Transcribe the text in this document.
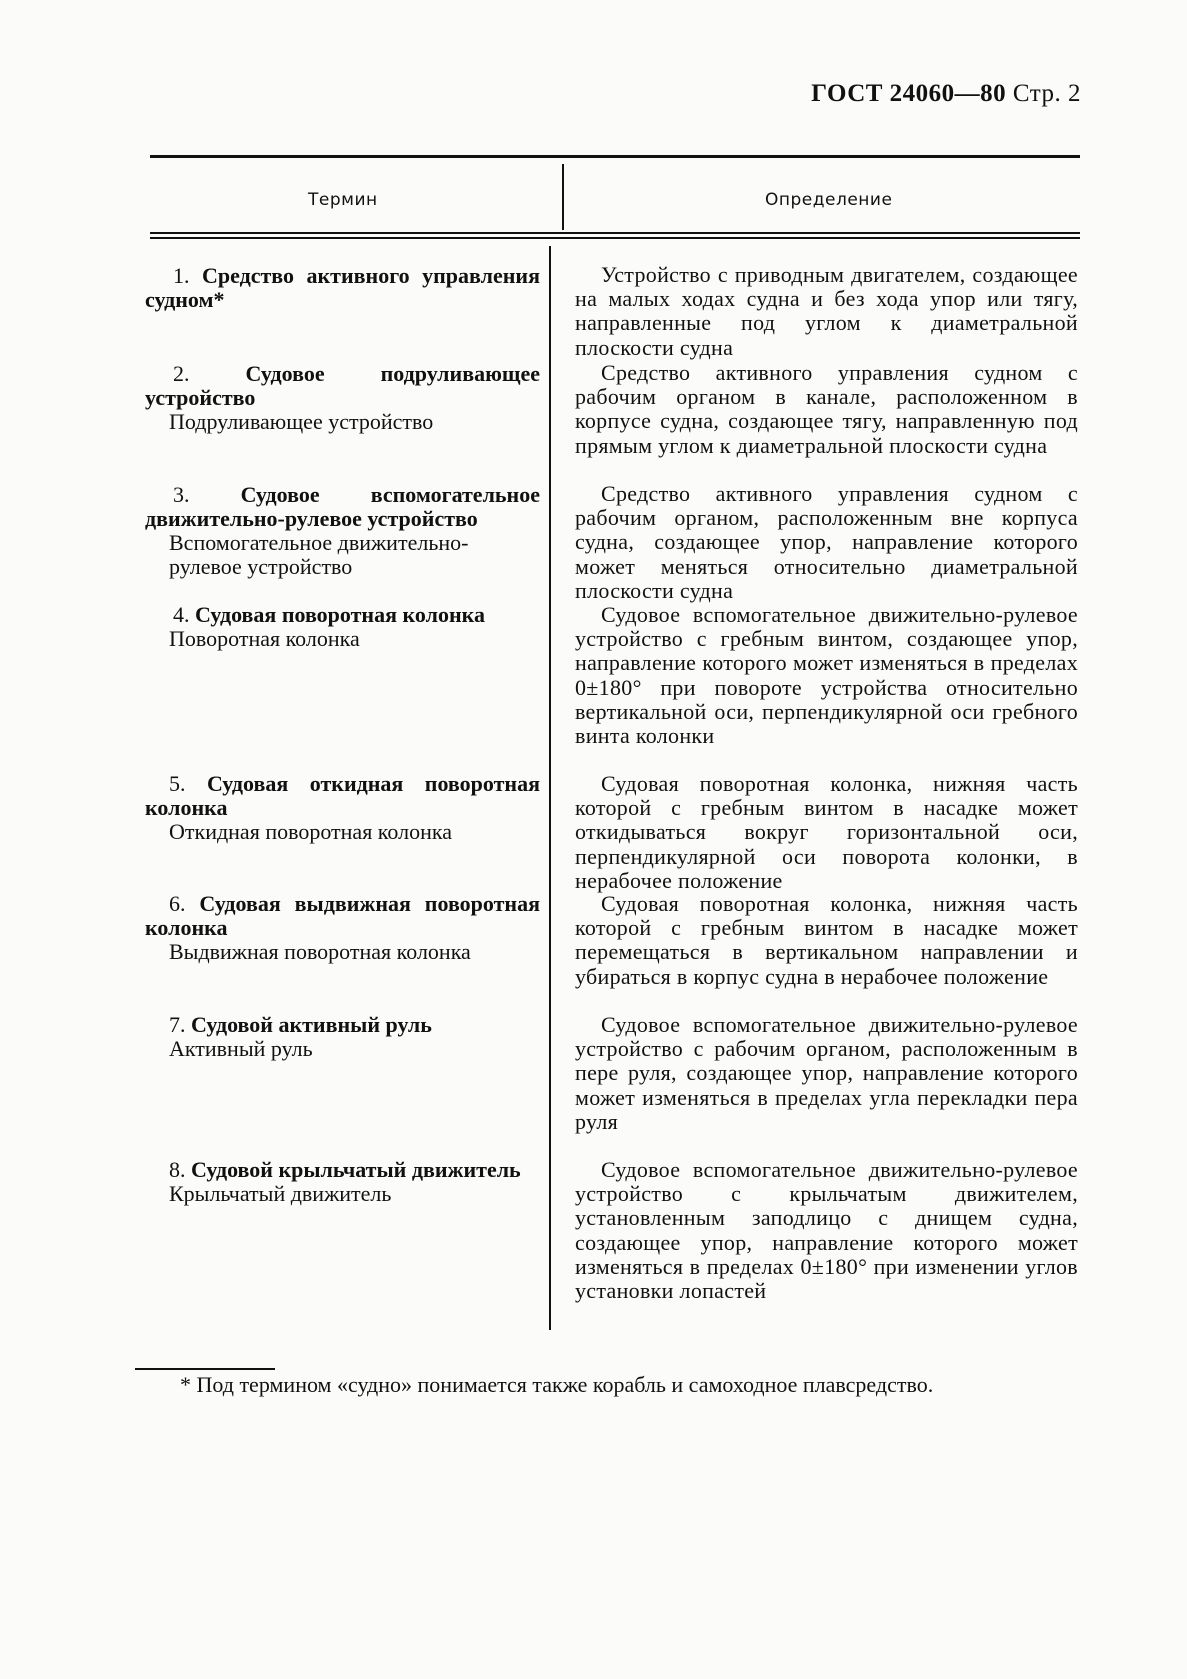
ГОСТ 24060—80 Стр. 2
Термин	Определение
1. Средство активного управления судном*
Устройство с приводным двигателем, создающее на малых ходах судна и без хода упор или тягу, направленные под углом к диаметральной плоскости судна
2.	Судовое подруливающее устройство
Подруливающее устройство
Средство активного управления судном с рабочим органом в канале, расположенном в корпусе судна, создающее тягу, направленную под прямым углом к диаметральной плоскости судна
3. Судовое вспомогательное движительно-рулевое устройство
Вспомогательное движительно-рулевое устройство
Средство активного управления судном с рабочим органом, расположенным вне корпуса судна, создающее упор, направление которого может меняться относительно диаметральной плоскости судна
4. Судовая поворотная колонка
Поворотная колонка
Судовое вспомогательное движительно-рулевое устройство с гребным винтом, создающее упор, направление которого может изменяться в пределах 0±180° при повороте устройства относительно вертикальной оси, перпендикулярной оси гребного винта колонки
5. Судовая откидная поворотная колонка
Откидная поворотная колонка
Судовая поворотная колонка, нижняя часть которой с гребным винтом в насадке может откидываться вокруг горизонтальной оси, перпендикулярной оси поворота колонки, в нерабочее положение
6. Судовая выдвижная поворотная колонка
Выдвижная поворотная колонка
Судовая поворотная колонка, нижняя часть которой с гребным винтом в насадке может перемещаться в вертикальном направлении и убираться в корпус судна в нерабочее положение
7. Судовой активный руль
Активный руль
Судовое вспомогательное движительно-рулевое устройство с рабочим органом, расположенным в пере руля, создающее упор, направление которого может изменяться в пределах угла перекладки пера руля
8. Судовой крыльчатый движитель
Крыльчатый движитель
Судовое вспомогательное движительно-рулевое устройство с крыльчатым движителем, установленным заподлицо с днищем судна, создающее упор, направление которого может изменяться в пределах 0±180° при изменении углов установки лопастей
* Под термином «судно» понимается также корабль и самоходное плавсредство.
